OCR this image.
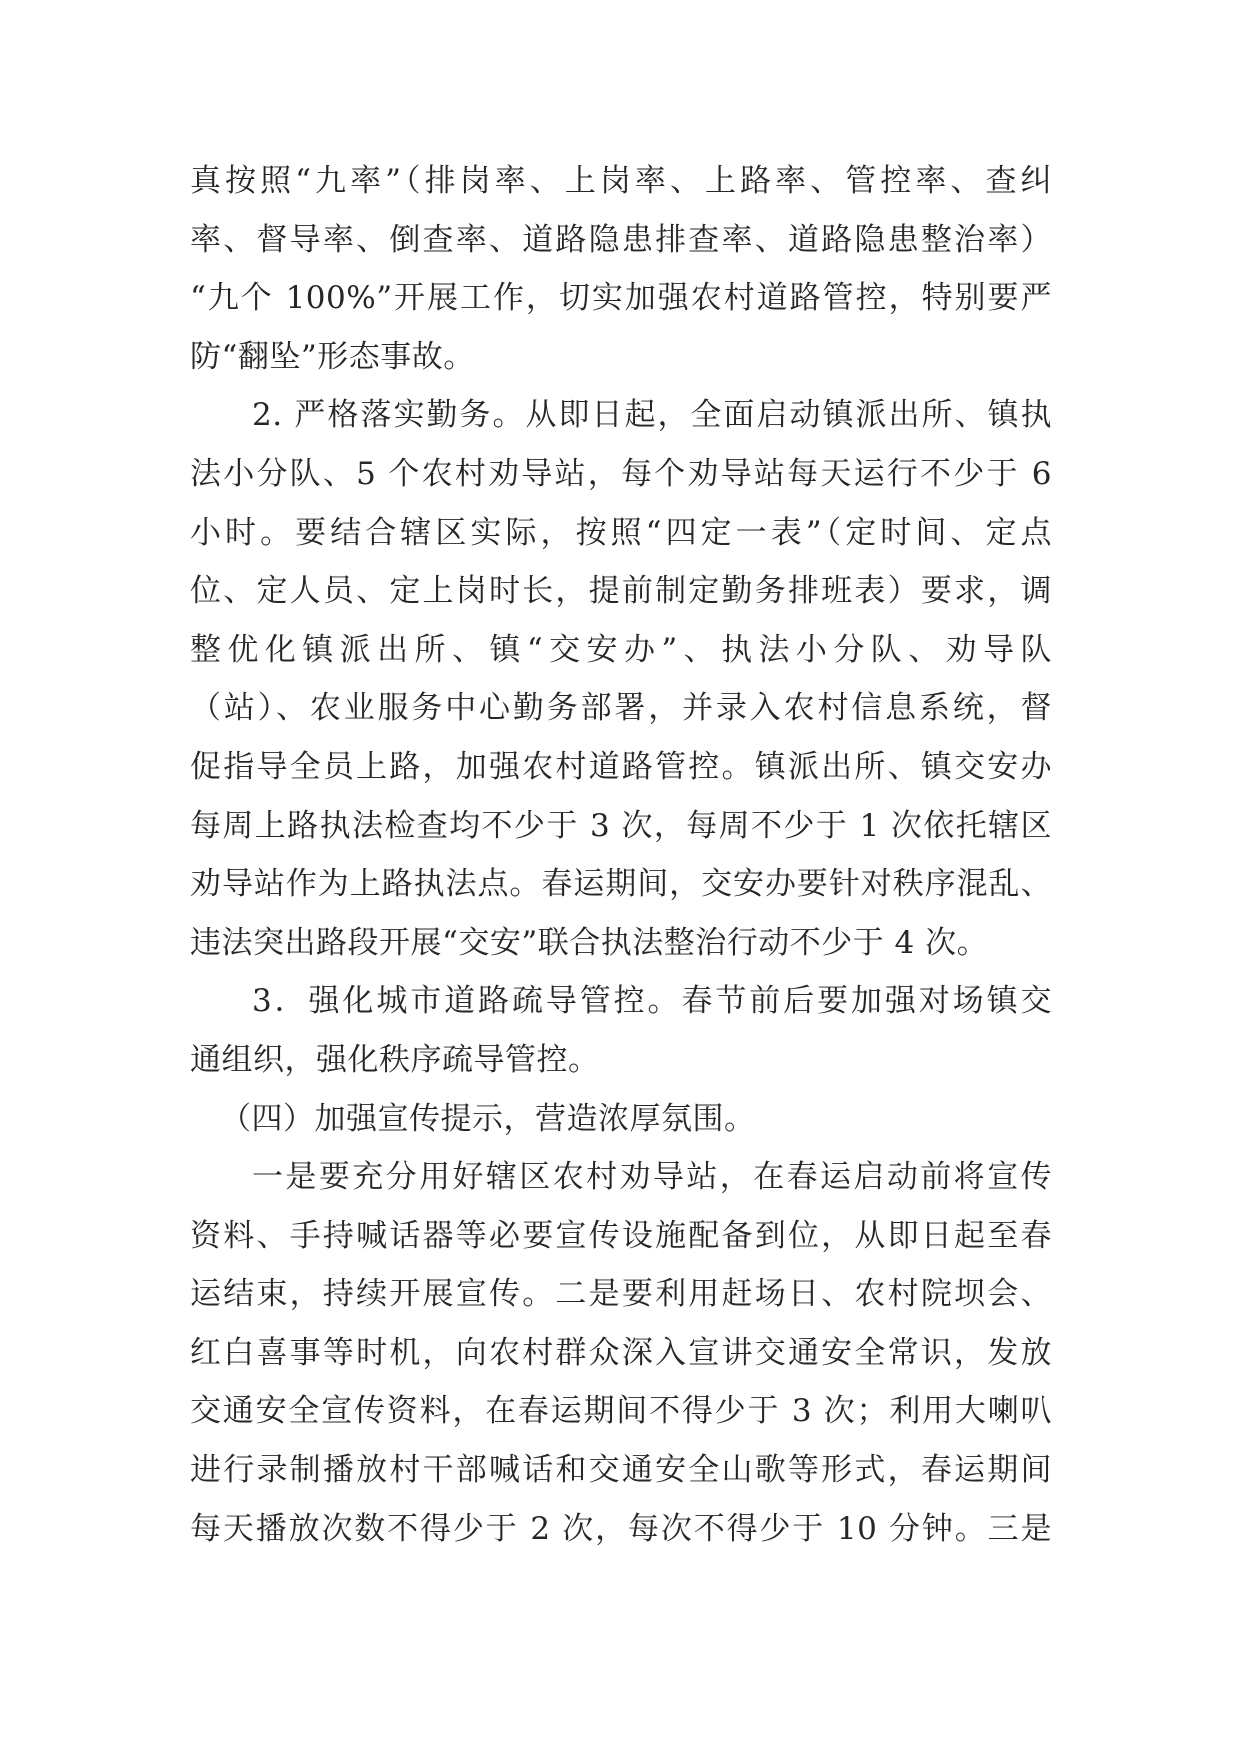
真按照“九率”（排岗率、上岗率、上路率、管控率、查纠
率、督导率、倒查率、道路隐患排查率、道路隐患整治率）
“九个 100%”开展工作，切实加强农村道路管控，特别要严
防“翻坠”形态事故。
2. 严格落实勤务。从即日起，全面启动镇派出所、镇执
法小分队、5 个农村劝导站，每个劝导站每天运行不少于 6
小时。要结合辖区实际，按照“四定一表”（定时间、定点
位、定人员、定上岗时长，提前制定勤务排班表）要求，调
整优化镇派出所、镇“交安办”、执法小分队、劝导队
（站）、农业服务中心勤务部署，并录入农村信息系统，督
促指导全员上路，加强农村道路管控。镇派出所、镇交安办
每周上路执法检查均不少于 3 次，每周不少于 1 次依托辖区
劝导站作为上路执法点。春运期间，交安办要针对秩序混乱、
违法突出路段开展“交安”联合执法整治行动不少于 4 次。
3．强化城市道路疏导管控。春节前后要加强对场镇交
通组织，强化秩序疏导管控。
（四）加强宣传提示，营造浓厚氛围。
一是要充分用好辖区农村劝导站，在春运启动前将宣传
资料、手持喊话器等必要宣传设施配备到位，从即日起至春
运结束，持续开展宣传。二是要利用赶场日、农村院坝会、
红白喜事等时机，向农村群众深入宣讲交通安全常识，发放
交通安全宣传资料，在春运期间不得少于 3 次；利用大喇叭
进行录制播放村干部喊话和交通安全山歌等形式，春运期间
每天播放次数不得少于 2 次，每次不得少于 10 分钟。三是
